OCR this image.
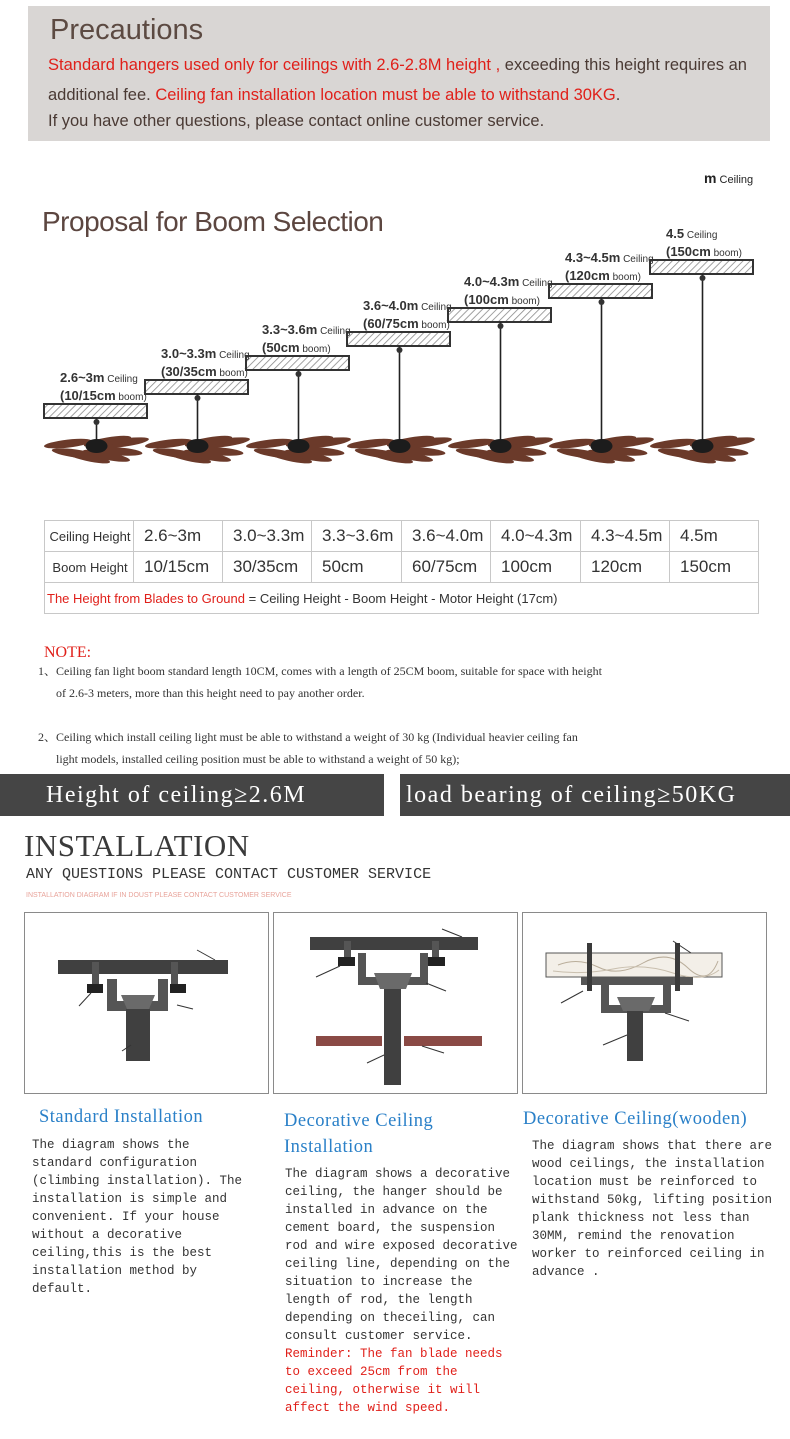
Precautions
Standard hangers used only for ceilings with 2.6-2.8M height , exceeding this height requires an additional fee. Ceiling fan installation location must be able to withstand 30KG.
If you have other questions, please contact online customer service.
m Ceiling
Proposal for Boom Selection
2.6~3m Ceiling
(10/15cm boom)
3.0~3.3m Ceiling
(30/35cm boom)
3.3~3.6m Ceiling
(50cm boom)
3.6~4.0m Ceiling
(60/75cm boom)
4.0~4.3m Ceiling
(100cm boom)
4.3~4.5m Ceiling
(120cm boom)
4.5 Ceiling
(150cm boom)
Ceiling Height	2.6~3m	3.0~3.3m	3.3~3.6m	3.6~4.0m	4.0~4.3m	4.3~4.5m	4.5m
Boom Height	10/15cm	30/35cm	50cm	60/75cm	100cm	120cm	150cm
The Height from Blades to Ground = Ceiling Height - Boom Height - Motor Height (17cm)							
NOTE:
1、Ceiling fan light boom standard length 10CM, comes with a length of 25CM boom, suitable for space with height
of 2.6-3 meters, more than this height need to pay another order.
2、Ceiling which install ceiling light must be able to withstand a weight of 30 kg (Individual heavier ceiling fan
light models, installed ceiling position must be able to withstand a weight of 50 kg);
Height of ceiling≥2.6M	load bearing of ceiling≥50KG
INSTALLATION
ANY QUESTIONS PLEASE CONTACT CUSTOMER SERVICE
INSTALLATION DIAGRAM IF IN DOUST PLEASE CONTACT CUSTOMER SERVICE
Standard Installation
The diagram shows the standard configuration (climbing installation). The installation is simple and convenient. If your house without a decorative ceiling,this is the best installation method by default.
Decorative Ceiling Installation
The diagram shows a decorative ceiling, the hanger should be installed in advance on the cement board, the suspension rod and wire exposed decorative ceiling line, depending on the situation to increase the length of rod, the length depending on theceiling, can consult customer service.
Reminder: The fan blade needs to exceed 25cm from the ceiling, otherwise it will affect the wind speed.
Decorative Ceiling(wooden)
The diagram shows that there are wood ceilings, the installation location must be reinforced to withstand 50kg, lifting position plank thickness not less than 30MM, remind the renovation worker to reinforced ceiling in advance .
